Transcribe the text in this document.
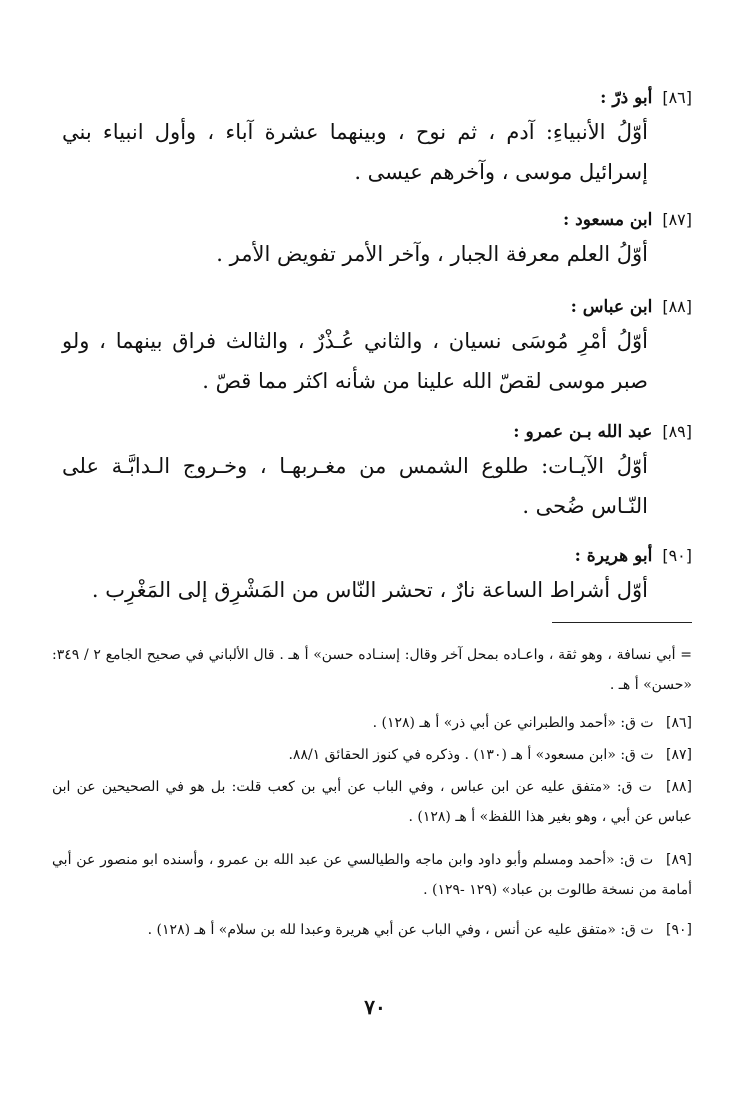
[٨٦]
أبو ذرّ :
أوّلُ الأنبياءِ: آدم ، ثم نوح ، وبينهما عشرة آباء ، وأول انبياء بني إسرائيل موسى ، وآخرهم عيسى .
[٨٧]
ابن مسعود :
أوّلُ العلم معرفة الجبار ، وآخر الأمر تفويض الأمر .
[٨٨]
ابن عباس :
أوّلُ أمْرِ مُوسَى نسيان ، والثاني عُـذْرٌ ، والثالث فراق بينهما ، ولو صبر موسى لقصّ الله علينا من شأنه اكثر مما قصّ .
[٨٩]
عبد الله بـن عمرو :
أوّلُ الآيـات: طلوع الشمس من مغـربهـا ، وخـروج الـدابَّـة على النّـاس ضُحى .
[٩٠]
أبو هريرة :
أوّل أشراط الساعة نارٌ ، تحشر النّاس من المَشْرِق إلى المَغْرِب .
= أبي نسافة ، وهو ثقة ، واعـاده بمحل آخر وقال: إسنـاده حسن» أ هـ . قال الألباني في صحيح الجامع ٢ / ٣٤٩: «حسن» أ هـ .
[٨٦] ت ق: «أحمد والطبراني عن أبي ذر» أ هـ (١٢٨) .
[٨٧] ت ق: «ابن مسعود» أ هـ (١٣٠) . وذكره في كنوز الحقائق ٨٨/١.
[٨٨] ت ق: «متفق عليه عن ابن عباس ، وفي الباب عن أبي بن كعب قلت: بل هو في الصحيحين عن ابن عباس عن أبي ، وهو بغير هذا اللفظ» أ هـ (١٢٨) .
[٨٩] ت ق: «أحمد ومسلم وأبو داود وابن ماجه والطيالسي عن عبد الله بن عمرو ، وأسنده ابو منصور عن أبي أمامة من نسخة طالوت بن عباد» (١٢٩ -١٢٩) .
[٩٠] ت ق: «متفق عليه عن أنس ، وفي الباب عن أبي هريرة وعبدا لله بن سلام» أ هـ (١٢٨) .
٧٠
